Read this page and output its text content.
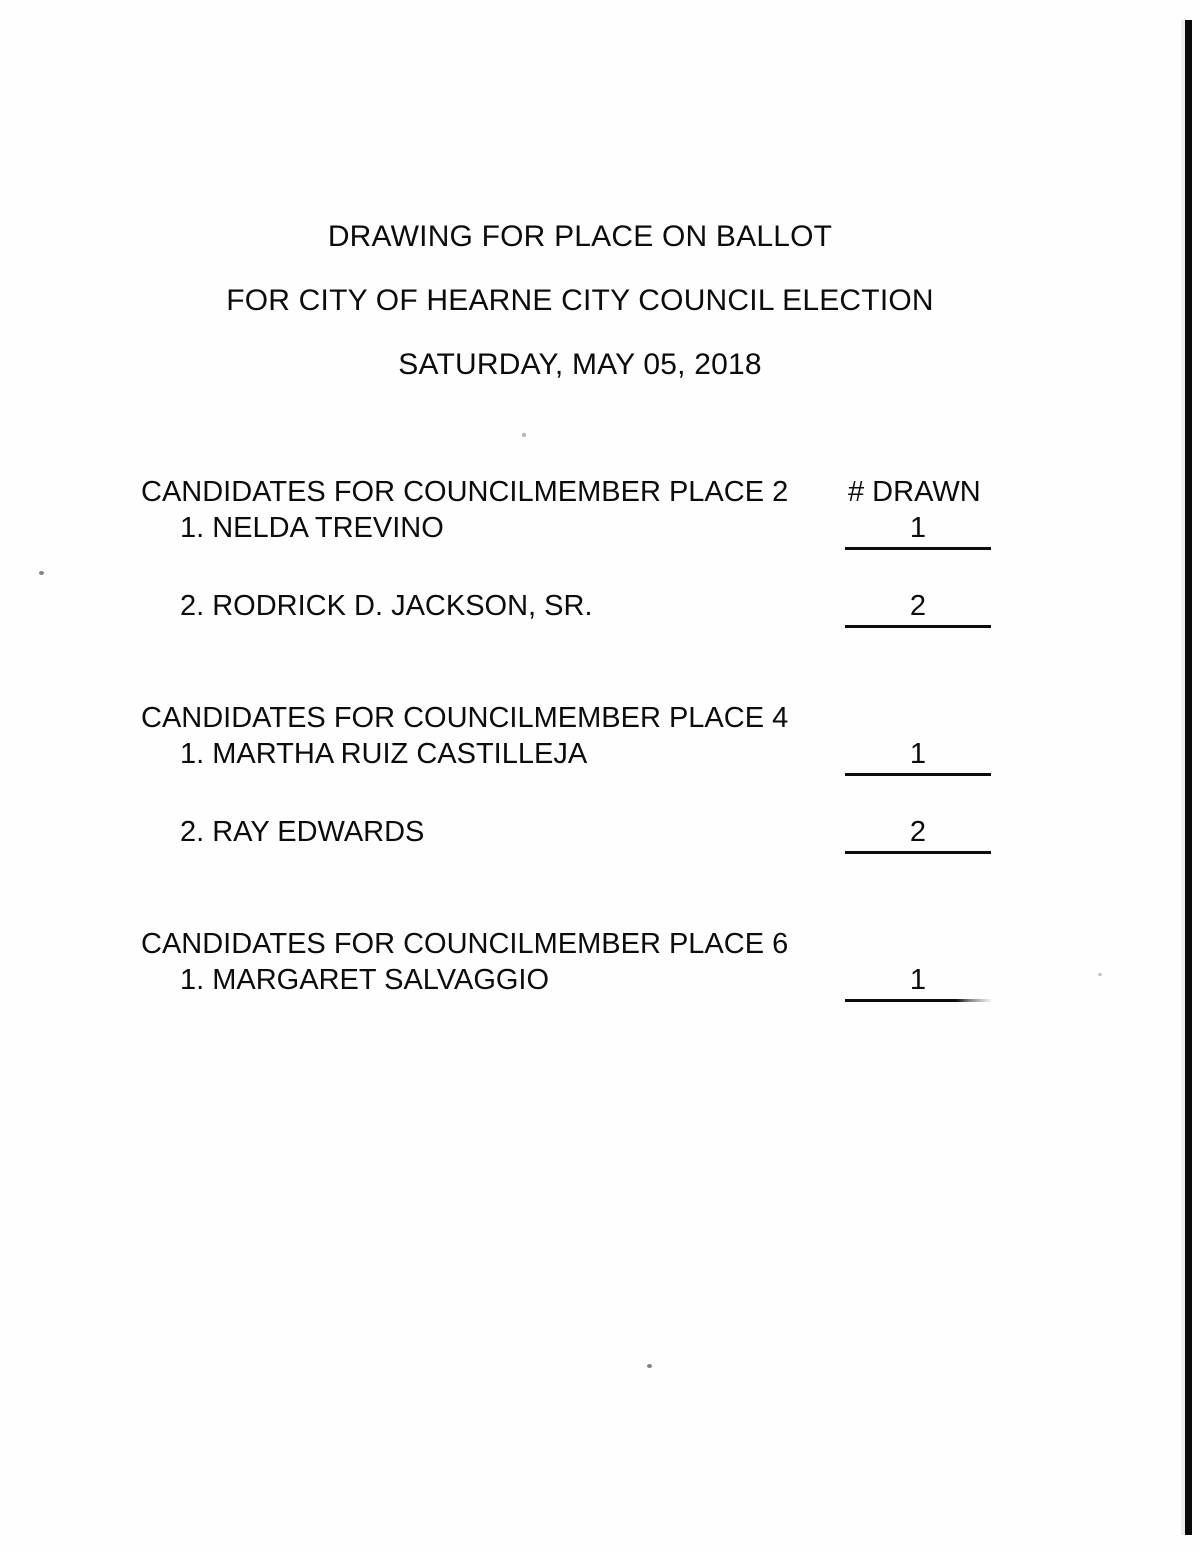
DRAWING FOR PLACE ON BALLOT
FOR CITY OF HEARNE CITY COUNCIL ELECTION
SATURDAY, MAY 05, 2018
CANDIDATES FOR COUNCILMEMBER PLACE 2 # DRAWN
1. NELDA TREVINO	1
2. RODRICK D. JACKSON, SR.	2
CANDIDATES FOR COUNCILMEMBER PLACE 4
1. MARTHA RUIZ CASTILLEJA	1
2. RAY EDWARDS	2
CANDIDATES FOR COUNCILMEMBER PLACE 6
1. MARGARET SALVAGGIO	1
